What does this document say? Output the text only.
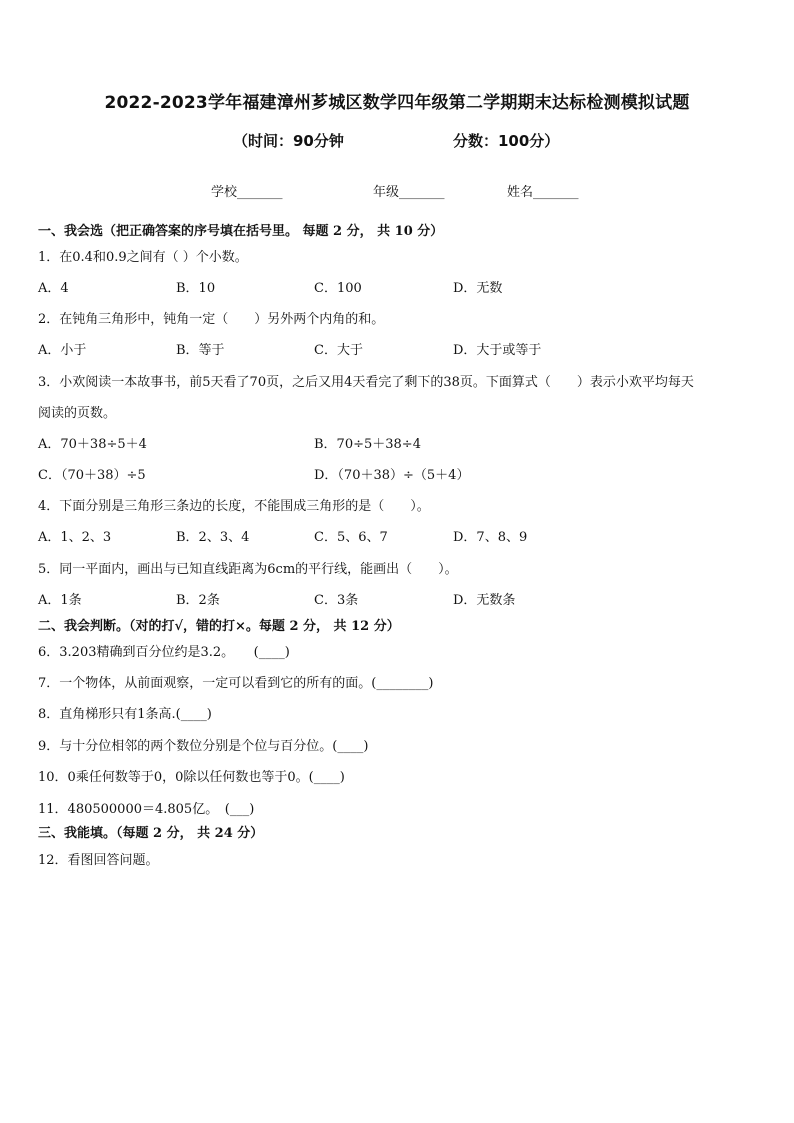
2022-2023学年福建漳州芗城区数学四年级第二学期期末达标检测模拟试题
（时间：90分钟	分数：100分）
学校_______	年级_______	姓名_______
一、我会选（把正确答案的序号填在括号里。 每题 2 分， 共 10 分）
1．在0.4和0.9之间有（ ）个小数。
A．4	B．10	C．100	D．无数
2．在钝角三角形中，钝角一定（　　）另外两个内角的和。
A．小于	B．等于	C．大于	D．大于或等于
3．小欢阅读一本故事书，前5天看了70页，之后又用4天看完了剩下的38页。下面算式（　　）表示小欢平均每天
阅读的页数。
A．70＋38÷5＋4	B．70÷5＋38÷4
C．（70＋38）÷5	D．（70＋38）÷（5＋4）
4．下面分别是三角形三条边的长度，不能围成三角形的是（　　）。
A．1、2、3	B．2、3、4	C．5、6、7	D．7、8、9
5．同一平面内，画出与已知直线距离为6cm的平行线，能画出（　　）。
A．1条	B．2条	C．3条	D．无数条
二、我会判断。（对的打√，错的打×。每题 2 分， 共 12 分）
6．3.203精确到百分位约是3.2。　　(____)
7．一个物体，从前面观察，一定可以看到它的所有的面。(________)
8．直角梯形只有1条高.(____)
9．与十分位相邻的两个数位分别是个位与百分位。(____)
10．0乘任何数等于0，0除以任何数也等于0。(____)
11．480500000＝4.805亿。　(___)
三、我能填。（每题 2 分， 共 24 分）
12．看图回答问题。
